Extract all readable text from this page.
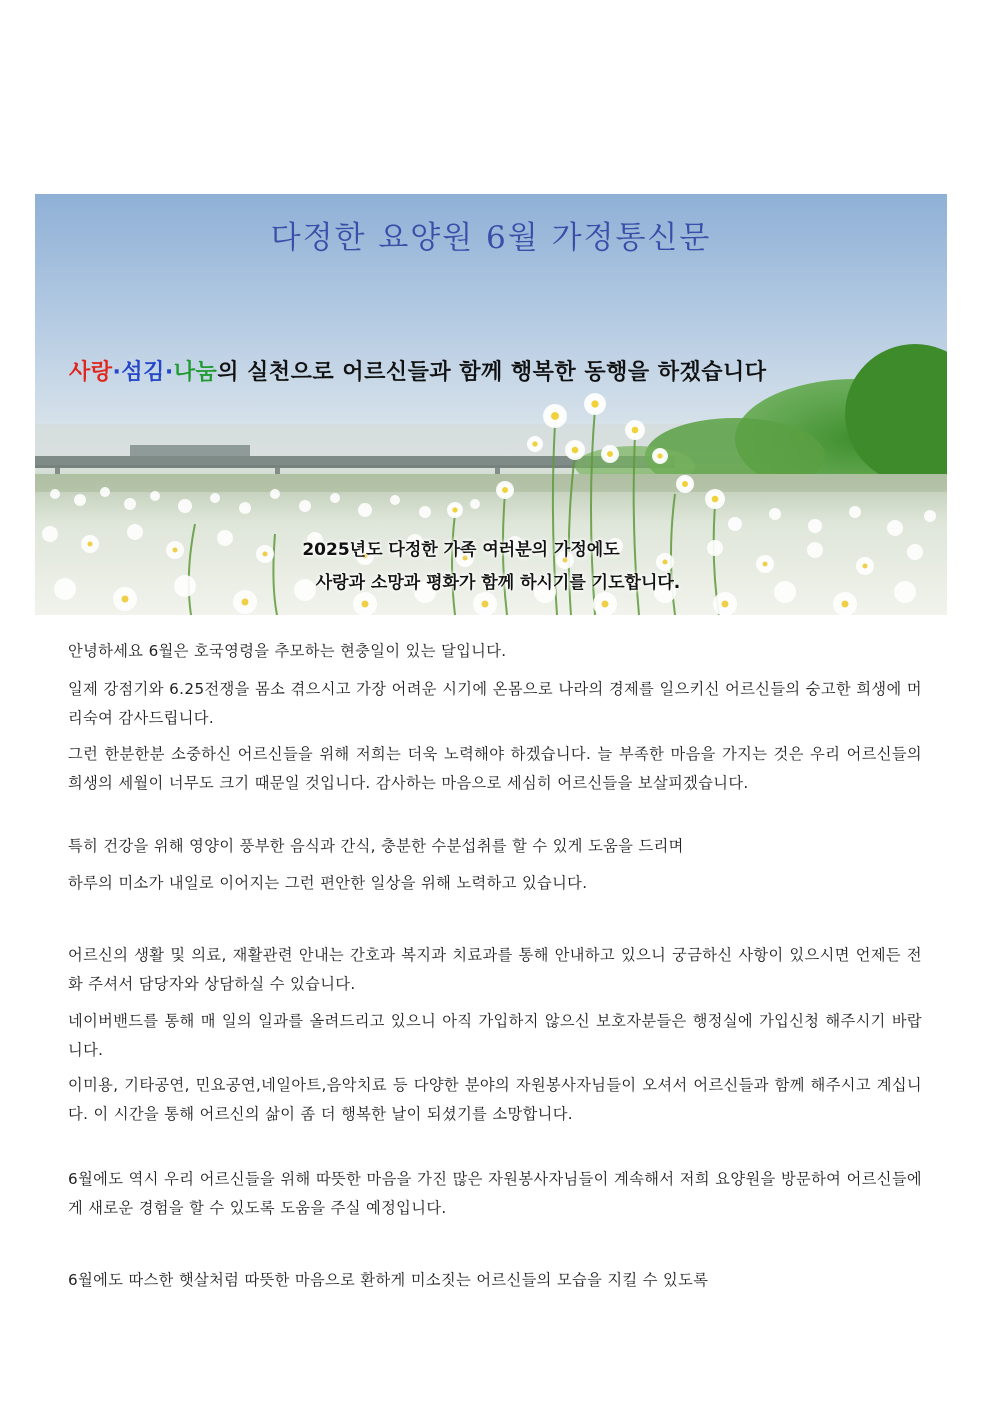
다정한 요양원 6월 가정통신문
사랑·섬김·나눔의 실천으로 어르신들과 함께 행복한 동행을 하겠습니다
2025년도 다정한 가족 여러분의 가정에도
사랑과 소망과 평화가 함께 하시기를 기도합니다.
안녕하세요 6월은 호국영령을 추모하는 현충일이 있는 달입니다.
일제 강점기와 6.25전쟁을 몸소 겪으시고 가장 어려운 시기에 온몸으로 나라의 경제를 일으키신 어르신들의 숭고한 희생에 머리숙여 감사드립니다.
그런 한분한분 소중하신 어르신들을 위해 저희는 더욱 노력해야 하겠습니다. 늘 부족한 마음을 가지는 것은 우리 어르신들의 희생의 세월이 너무도 크기 때문일 것입니다. 감사하는 마음으로 세심히 어르신들을 보살피겠습니다.
특히 건강을 위해 영양이 풍부한 음식과 간식, 충분한 수분섭취를 할 수 있게 도움을 드리며
하루의 미소가 내일로 이어지는 그런 편안한 일상을 위해 노력하고 있습니다.
어르신의 생활 및 의료, 재활관련 안내는 간호과 복지과 치료과를 통해 안내하고 있으니 궁금하신 사항이 있으시면 언제든 전화 주셔서 담당자와 상담하실 수 있습니다.
네이버밴드를 통해 매 일의 일과를 올려드리고 있으니 아직 가입하지 않으신 보호자분들은 행정실에 가입신청 해주시기 바랍니다.
이미용, 기타공연, 민요공연,네일아트,음악치료 등 다양한 분야의 자원봉사자님들이 오셔서 어르신들과 함께 해주시고 계십니다. 이 시간을 통해 어르신의 삶이 좀 더 행복한 날이 되셨기를 소망합니다.
6월에도 역시 우리 어르신들을 위해 따뜻한 마음을 가진 많은 자원봉사자님들이 계속해서 저희 요양원을 방문하여 어르신들에게 새로운 경험을 할 수 있도록 도움을 주실 예정입니다.
6월에도 따스한 햇살처럼 따뜻한 마음으로 환하게 미소짓는 어르신들의 모습을 지킬 수 있도록
